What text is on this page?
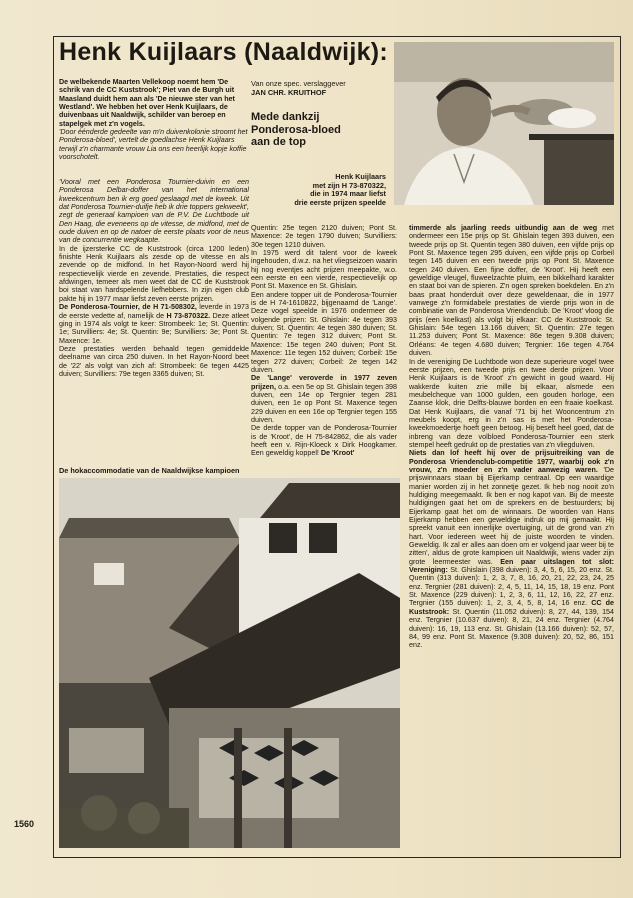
Henk Kuijlaars (Naaldwijk):

De welbekende Maarten Vellekoop noemt hem 'De schrik van de CC Kuststrook'; Piet van de Burgh uit Maasland duidt hem aan als 'De nieuwe ster van het Westland'. We hebben het over Henk Kuijlaars, de duivenbaas uit Naaldwijk, schilder van beroep en stapelgek met z'n vogels.

'Door éénderde gedeelte van m'n duivenkolonie stroomt het Ponderosa-bloed', vertelt de goedlachse Henk Kuijlaars terwijl z'n charmante vrouw Lia ons een heerlijk kopje koffie voorschotelt.

Van onze spec. verslaggever
JAN CHR. KRUITHOF
Mede dankzij
Ponderosa-bloed
aan de top
Henk Kuijlaars
met zijn H 73-870322,
die in 1974 maar liefst
drie eerste prijzen speelde

'Vooral met een Ponderosa Tournier-duivin en een Ponderosa Delbar-doffer van het international kweekcentrum ben ik erg goed geslaagd met de kweek. Uit dat Ponderosa Tournier-duifje heb ik drie toppers gekweekt', zegt de generaal kampioen van de P.V. De Luchtbode uit Den Haag, die eveneens op de vitesse, de midfond, met de oude duiven en op de natoer de eerste plaats voor de neus van de concurrentie wegkaapte.

In de ijzersterke CC de Kuststrook (circa 1200 leden) finishte Henk Kuijlaars als zesde op de vitesse en als zevende op de midfond. In het Rayon-Noord werd hij respectievelijk vierde en zevende. Prestaties, die respect afdwingen, temeer als men weet dat de CC de Kuststrook boi staat van hardspelende liefhebbers. In zijn eigen club pakte hij in 1977 maar liefst zeven eerste prijzen.

De Ponderosa-Tournier, de H 71-508302, leverde in 1973 de eerste vedette af, namelijk de H 73-870322. Deze atleet ging in 1974 als volgt te keer: Strombeek: 1e; St. Quentin: 1e; Survilliers: 4e; St. Quentin: 9e; Survilliers: 3e; Pont St. Maxence: 1e.

Deze prestaties werden behaald tegen gemiddelde deelname van circa 250 duiven. In het Rayon-Noord beet de '22' als volgt van zich af: Strombeek: 6e tegen 4425 duiven; Survilliers: 79e tegen 3365 duiven; St.

Quentin: 25e tegen 2120 duiven; Pont St. Maxence: 2e tegen 1790 duiven; Survilliers: 30e tegen 1210 duiven.

In 1975 werd dit talent voor de kweek ingehouden, d.w.z. na het vliegseizoen waarin hij nog eventjes acht prijzen meepakte, w.o. een eerste en een vierde, respectievelijk op Pont St. Maxence en St. Ghislain.

Een andere topper uit de Ponderosa-Tournier is de H 74-1610822, bijgenaamd de 'Lange'. Deze vogel speelde in 1976 ondermeer de volgende prijzen: St. Ghislain: 4e tegen 393 duiven; St. Quentin: 4e tegen 380 duiven; St. Quentin: 7e tegen 312 duiven; Pont St. Maxence: 15e tegen 240 duiven; Pont St. Maxence: 11e tegen 152 duiven; Corbeil: 15e tegen 272 duiven; Corbeil: 2e tegen 142 duiven.

De 'Lange' veroverde in 1977 zeven prijzen, o.a. een 5e op St. Ghislain tegen 398 duiven, een 14e op Tergnier tegen 281 duiven, een 1e op Pont St. Maxence tegen 229 duiven en een 16e op Tergnier tegen 155 duiven.

De derde topper van de Ponderosa-Tournier is de 'Kroot', de H 75-842862, die als vader heeft een v. Rijn-Kloeck x Dirk Hoogkamer. Een geweldig koppel! De 'Kroot'

timmerde als jaarling reeds uitbundig aan de weg met ondermeer een 15e prijs op St. Ghislain tegen 393 duiven, een tweede prijs op St. Quentin tegen 380 duiven, een vijfde prijs op Pont St. Maxence tegen 295 duiven, een vijfde prijs op Corbeil tegen 145 duiven en een tweede prijs op Pont St. Maxence tegen 240 duiven. Een fijne doffer, de 'Kroot'. Hij heeft een geweldige vleugel, fluweelzachte pluim, een bikkelhard karakter en staat boi van de spieren. Z'n ogen spreken boekdelen. En z'n baas praat honderduit over deze geweldenaar, die in 1977 vanwege z'n formidabele prestaties de vierde prijs won in de combinatie van de Ponderosa Vriendenclub. De 'Kroot' vloog die prijs (een koelkast) als volgt bij elkaar: CC de Kuststrook: St. Ghislain: 54e tegen 13.166 duiven; St. Quentin: 27e tegen 11.253 duiven; Pont St. Maxence: 86e tegen 9.308 duiven; Orléans: 4e tegen 4.680 duiven; Tergnier: 16e tegen 4.764 duiven.

In de vereniging De Luchtbode won deze superieure vogel twee eerste prijzen, een tweede prijs en twee derde prijzen. Voor Henk Kuijlaars is de 'Kroot' z'n gewicht in goud waard. Hij wakkerde kuiten zrie mille bij elkaar, alsmede een meubelcheque van 1000 gulden, een gouden horloge, een Zaanse klok, drie Delfts-blauwe borden en een fraaie koelkast. Dat Henk Kuijlaars, die vanaf '71 bij het Wooncentrum z'n meubels koopt, erg in z'n sas is met het Ponderosa-kweekmoedertje hoeft geen betoog. Hij beseft heel goed, dat de inbreng van deze volbloed Ponderosa-Tournier een sterk stempel heeft gedrukt op de prestaties van z'n vliegduiven.

Niets dan lof heeft hij over de prijsuitreiking van de Ponderosa Vriendenclub-competitie 1977, waarbij ook z'n vrouw, z'n moeder en z'n vader aanwezig waren. 'De prijswinnaars staan bij Eijerkamp centraal. Op een waardige manier worden zij in het zonnetje gezet. Ik heb nog nooit zo'n huldiging meegemaakt. Ik ben er nog kapot van. Bij de meeste huldigingen gaat het om de sprekers en de bestuurders; bij Eijerkamp gaat het om de winnaars. De woorden van Hans Eijerkamp hebben een geweldige indruk op mij gemaakt. Hij spreekt vanuit een innerlijke overtuiging, uit de grond van z'n hart. Voor iedereen weet hij de juiste woorden te vinden. Geweldig. Ik zal er alles aan doen om er volgend jaar weer bij te zitten', aldus de grote kampioen uit Naaldwijk, wiens vader zijn grote leermeester was. Een paar uitslagen tot slot: Vereniging: St. Ghislain (398 duiven): 3, 4, 5, 6, 15, 20 enz. St. Quentin (313 duiven): 1, 2, 3, 7, 8, 16, 20, 21, 22, 23, 24, 25 enz. Tergnier (281 duiven): 2, 4, 5, 11, 14, 15, 18, 19 enz. Pont St. Maxence (229 duiven): 1, 2, 3, 6, 11, 12, 16, 22, 27 enz. Tergnier (155 duiven): 1, 2, 3, 4, 5, 8, 14, 16 enz. CC de Kuststrook: St. Quentin (11.052 duiven): 8, 27, 44, 139, 154 enz. Tergnier (10.637 duiven): 8, 21, 24 enz. Tergnier (4.764 duiven): 16, 19, 113 enz. St. Ghislain (13.166 duiven): 52, 57, 84, 99 enz. Pont St. Maxence (9.308 duiven): 20, 52, 86, 151 enz.

De hokaccommodatie van de Naaldwijkse kampioen
1560
